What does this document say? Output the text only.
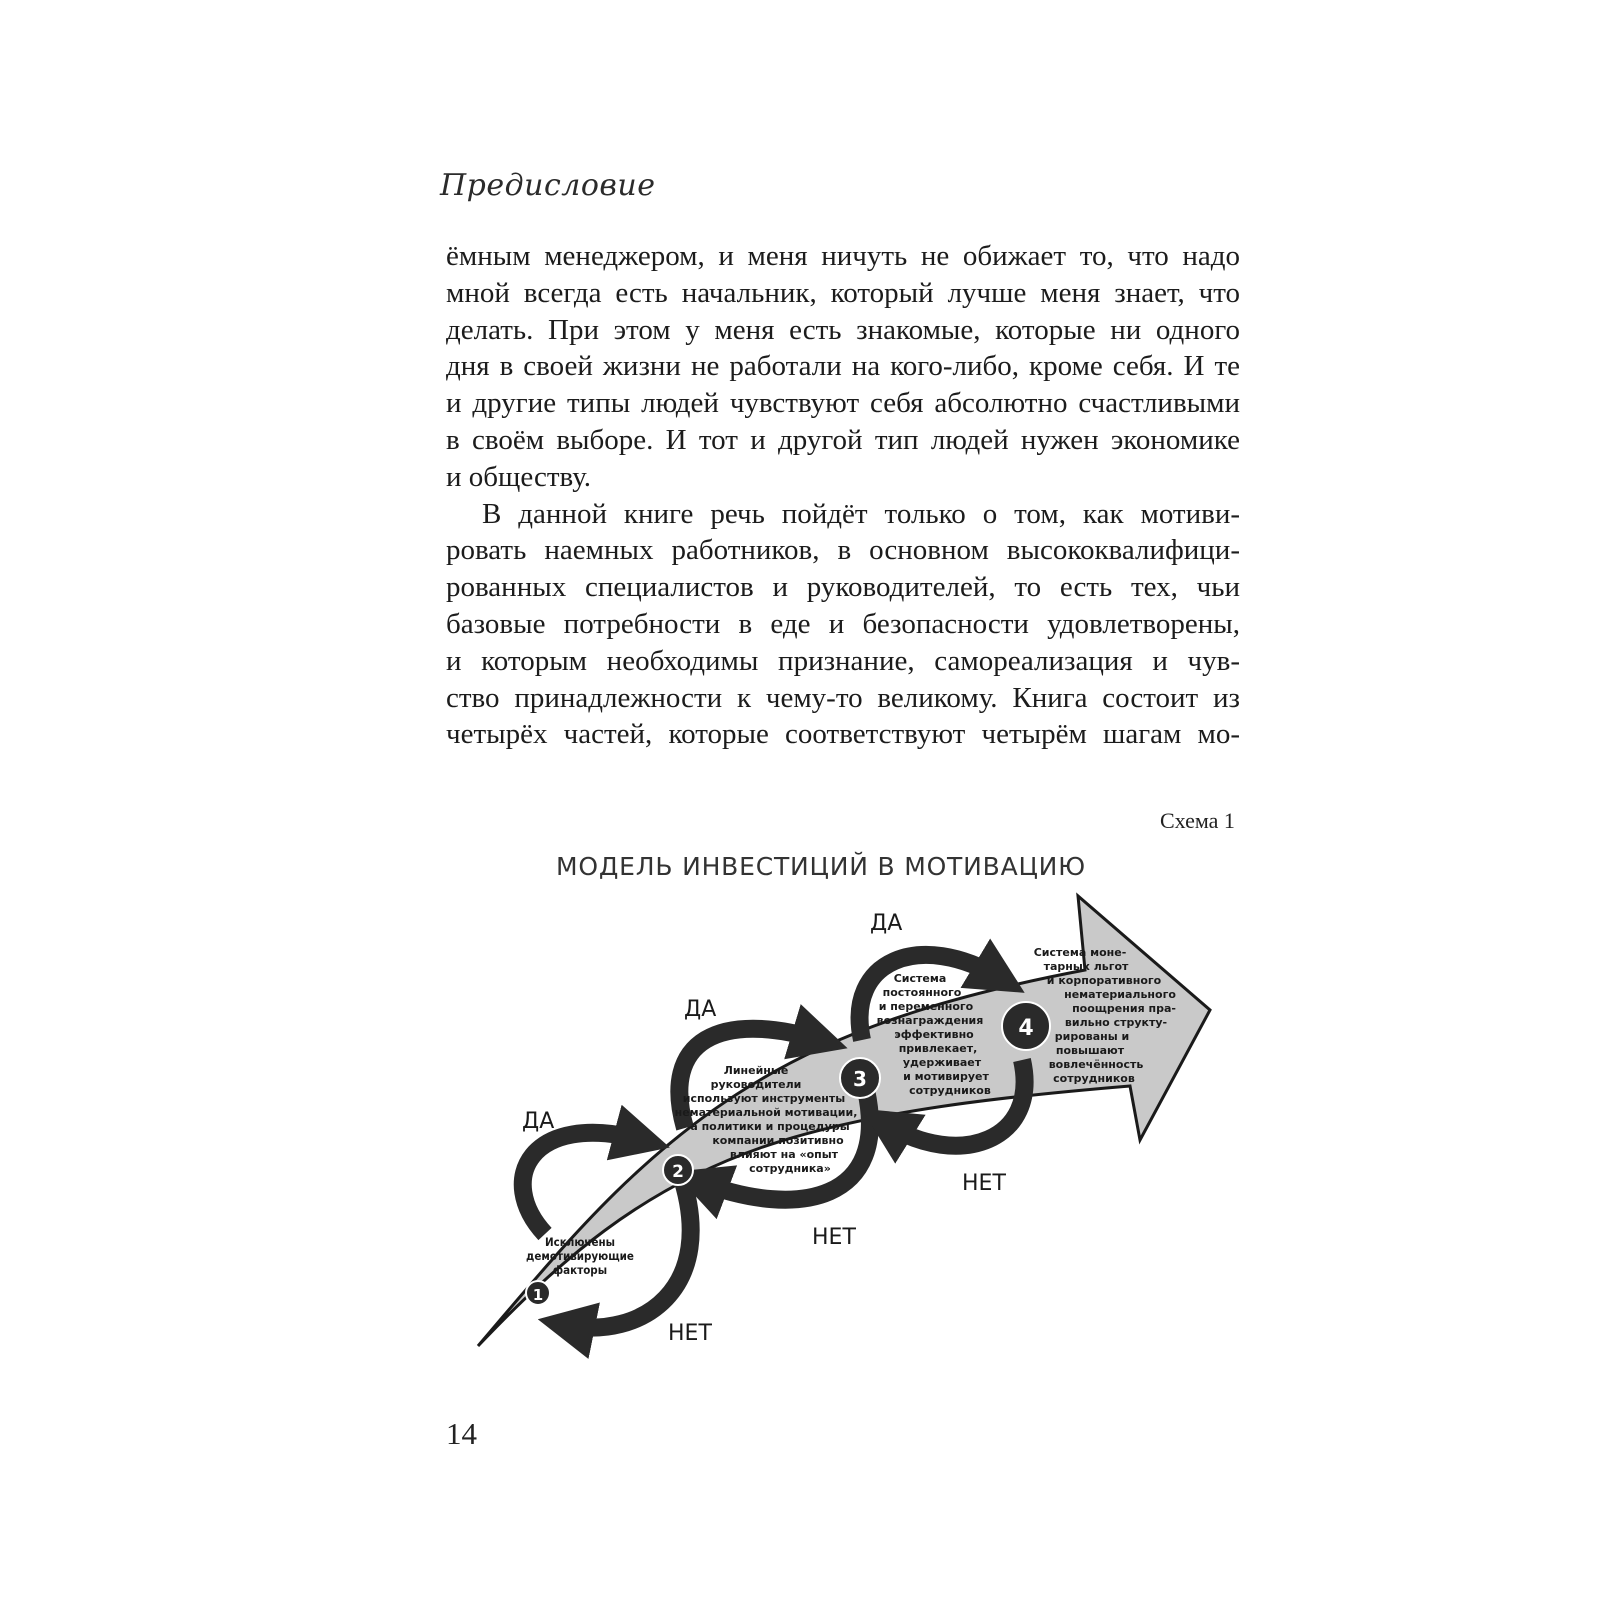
Предисловие
ёмным менеджером, и меня ничуть не обижает то, что надо
мной всегда есть начальник, который лучше меня знает, что
делать. При этом у меня есть знакомые, которые ни одного
дня в своей жизни не работали на кого-либо, кроме себя. И те
и другие типы людей чувствуют себя абсолютно счастливыми
в своём выборе. И тот и другой тип людей нужен экономике
и обществу.
В данной книге речь пойдёт только о том, как мотиви-
ровать наемных работников, в основном высококвалифици-
рованных специалистов и руководителей, то есть тех, чьи
базовые потребности в еде и безопасности удовлетворены,
и которым необходимы признание, самореализация и чув-
ство принадлежности к чему-то великому. Книга состоит из
четырёх частей, которые соответствуют четырём шагам мо-
Схема 1
МОДЕЛЬ ИНВЕСТИЦИЙ В МОТИВАЦИЮ
ДА
ДА
ДА
НЕТ
НЕТ
НЕТ
1
2
3
4
Исключены
демотивирующие
факторы
Линейные
руководители
используют инструменты
нематериальной мотивации,
а политики и процедуры
компании позитивно
влияют на «опыт
сотрудника»
Система
постоянного
и переменного
вознаграждения
эффективно
привлекает,
удерживает
и мотивирует
сотрудников
Система моне-
тарных льгот
и корпоративного
нематериального
поощрения пра-
вильно структу-
рированы и
повышают
вовлечённость
сотрудников
14
